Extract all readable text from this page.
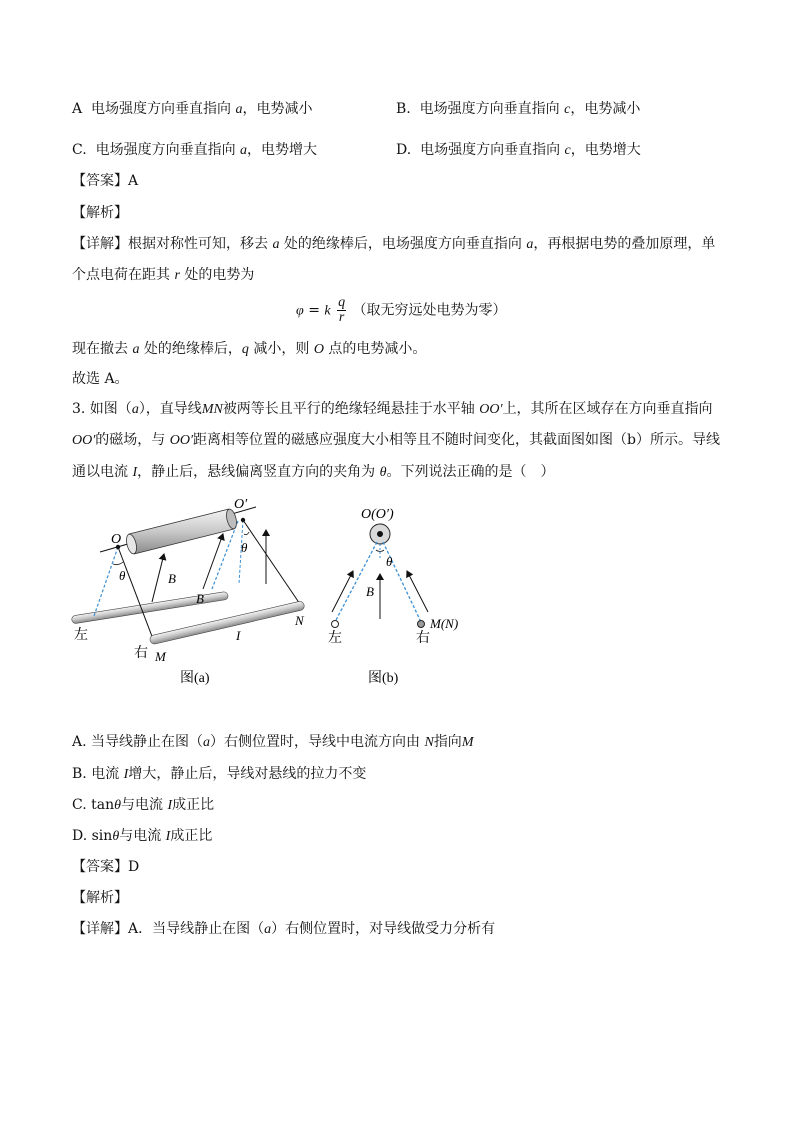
A 电场强度方向垂直指向 a，电势减小	B. 电场强度方向垂直指向 c，电势减小
C. 电场强度方向垂直指向 a，电势增大	D. 电场强度方向垂直指向 c，电势增大
【答案】A
【解析】
【详解】根据对称性可知，移去 a 处的绝缘棒后，电场强度方向垂直指向 a，再根据电势的叠加原理，单
个点电荷在距其 r 处的电势为
φ = k $\frac{q}{r}$ （取无穷远处电势为零）
现在撤去 a 处的绝缘棒后，q 减小，则 O 点的电势减小。
故选 A。
3. 如图（a），直导线MN被两等长且平行的绝缘轻绳悬挂于水平轴 OO′上，其所在区域存在方向垂直指向
OO′的磁场，与 OO′距离相等位置的磁感应强度大小相等且不随时间变化，其截面图如图（b）所示。导线
通以电流 I，静止后，悬线偏离竖直方向的夹角为 θ。下列说法正确的是（　）
O
O′
θ
θ
B
B
I
N
M
左
右
图(a)
O(O′)
θ
B
左	右
M(N)
图(b)
A. 当导线静止在图（a）右侧位置时，导线中电流方向由 N指向M
B. 电流 I增大，静止后，导线对悬线的拉力不变
C. tanθ与电流 I成正比
D. sinθ与电流 I成正比
【答案】D
【解析】
【详解】A．当导线静止在图（a）右侧位置时，对导线做受力分析有
